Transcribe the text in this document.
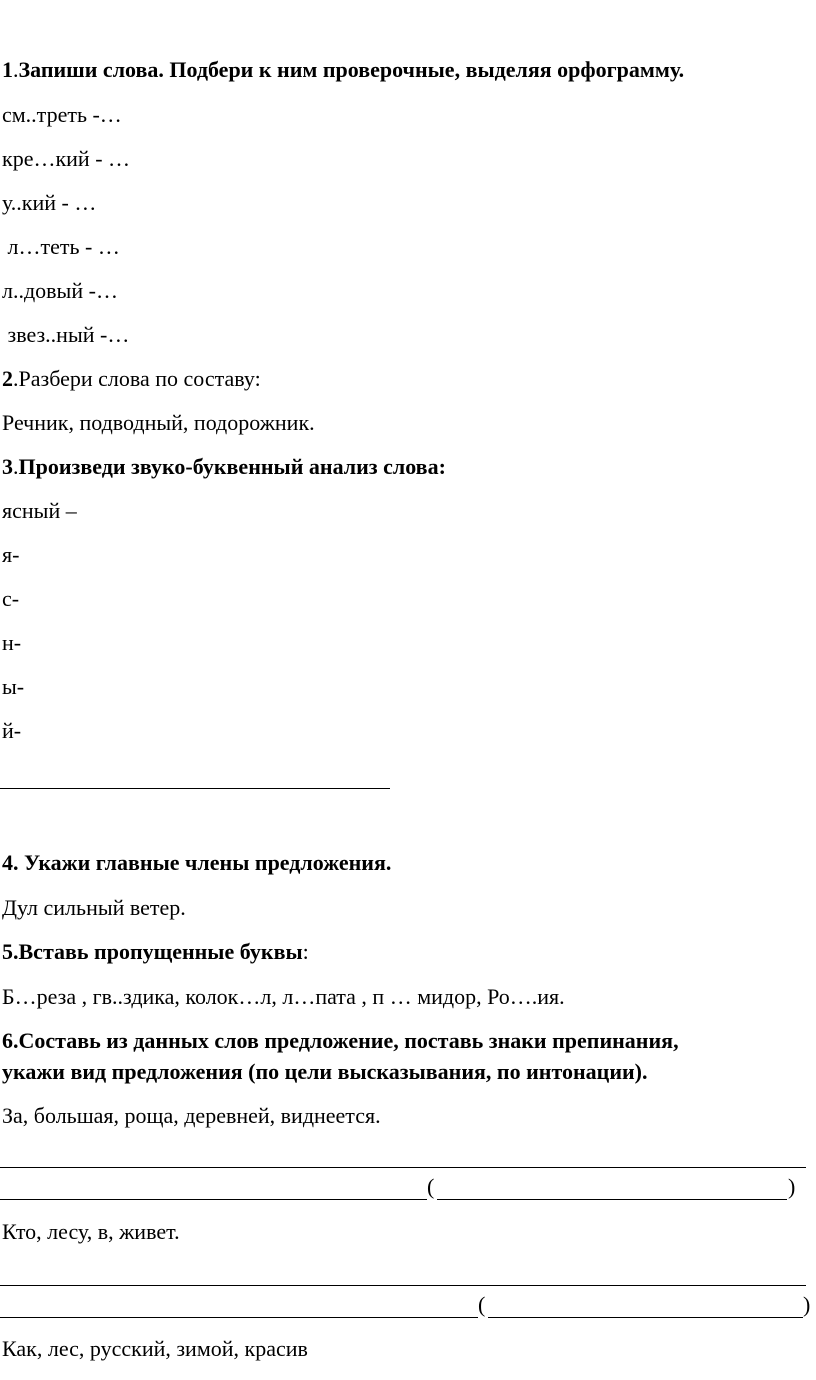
1.Запиши слова. Подбери к ним проверочные, выделяя орфограмму.
см..треть -…
кре…кий - …
у..кий - …
л…теть - …
л..довый -…
звез..ный -…
2.Разбери слова по составу:
Речник, подводный, подорожник.
3.Произведи звуко-буквенный анализ слова:
ясный –
я-
с-
н-
ы-
й-
4. Укажи главные члены предложения.
Дул сильный ветер.
5.Вставь пропущенные буквы:
Б…реза , гв..здика, колок…л, л…пата , п … мидор, Ро….ия.
6.Составь из данных слов предложение, поставь знаки препинания,
укажи вид предложения (по цели высказывания, по интонации).
За, большая, роща, деревней, виднеется.
(	)
Кто, лесу, в, живет.
(	)
Как, лес, русский, зимой, красив
